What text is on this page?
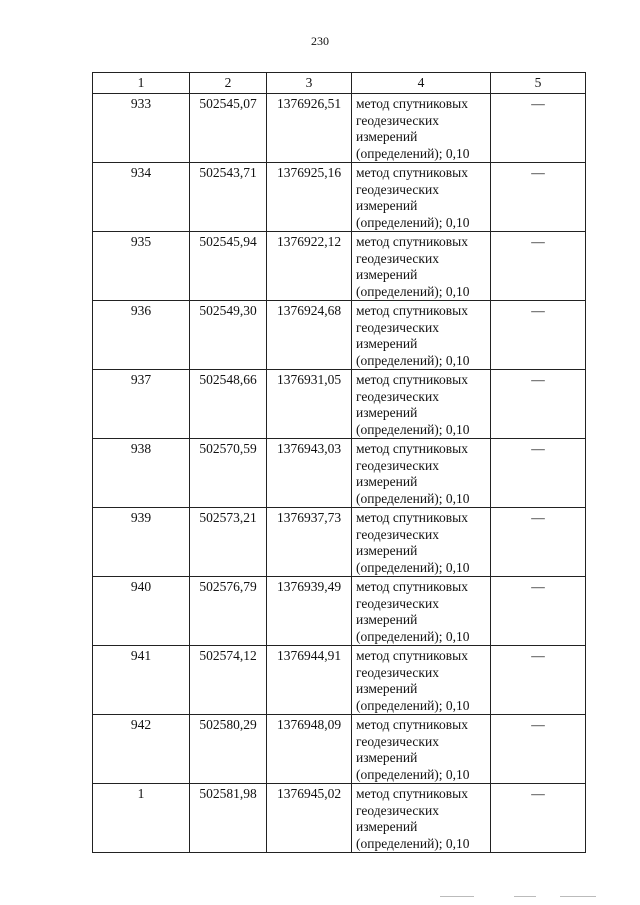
230
1	2	3	4	5
933	502545,07	1376926,51	метод спутниковых геодезических измерений (определений); 0,10	—
934	502543,71	1376925,16	метод спутниковых геодезических измерений (определений); 0,10	—
935	502545,94	1376922,12	метод спутниковых геодезических измерений (определений); 0,10	—
936	502549,30	1376924,68	метод спутниковых геодезических измерений (определений); 0,10	—
937	502548,66	1376931,05	метод спутниковых геодезических измерений (определений); 0,10	—
938	502570,59	1376943,03	метод спутниковых геодезических измерений (определений); 0,10	—
939	502573,21	1376937,73	метод спутниковых геодезических измерений (определений); 0,10	—
940	502576,79	1376939,49	метод спутниковых геодезических измерений (определений); 0,10	—
941	502574,12	1376944,91	метод спутниковых геодезических измерений (определений); 0,10	—
942	502580,29	1376948,09	метод спутниковых геодезических измерений (определений); 0,10	—
1	502581,98	1376945,02	метод спутниковых геодезических измерений (определений); 0,10	—
